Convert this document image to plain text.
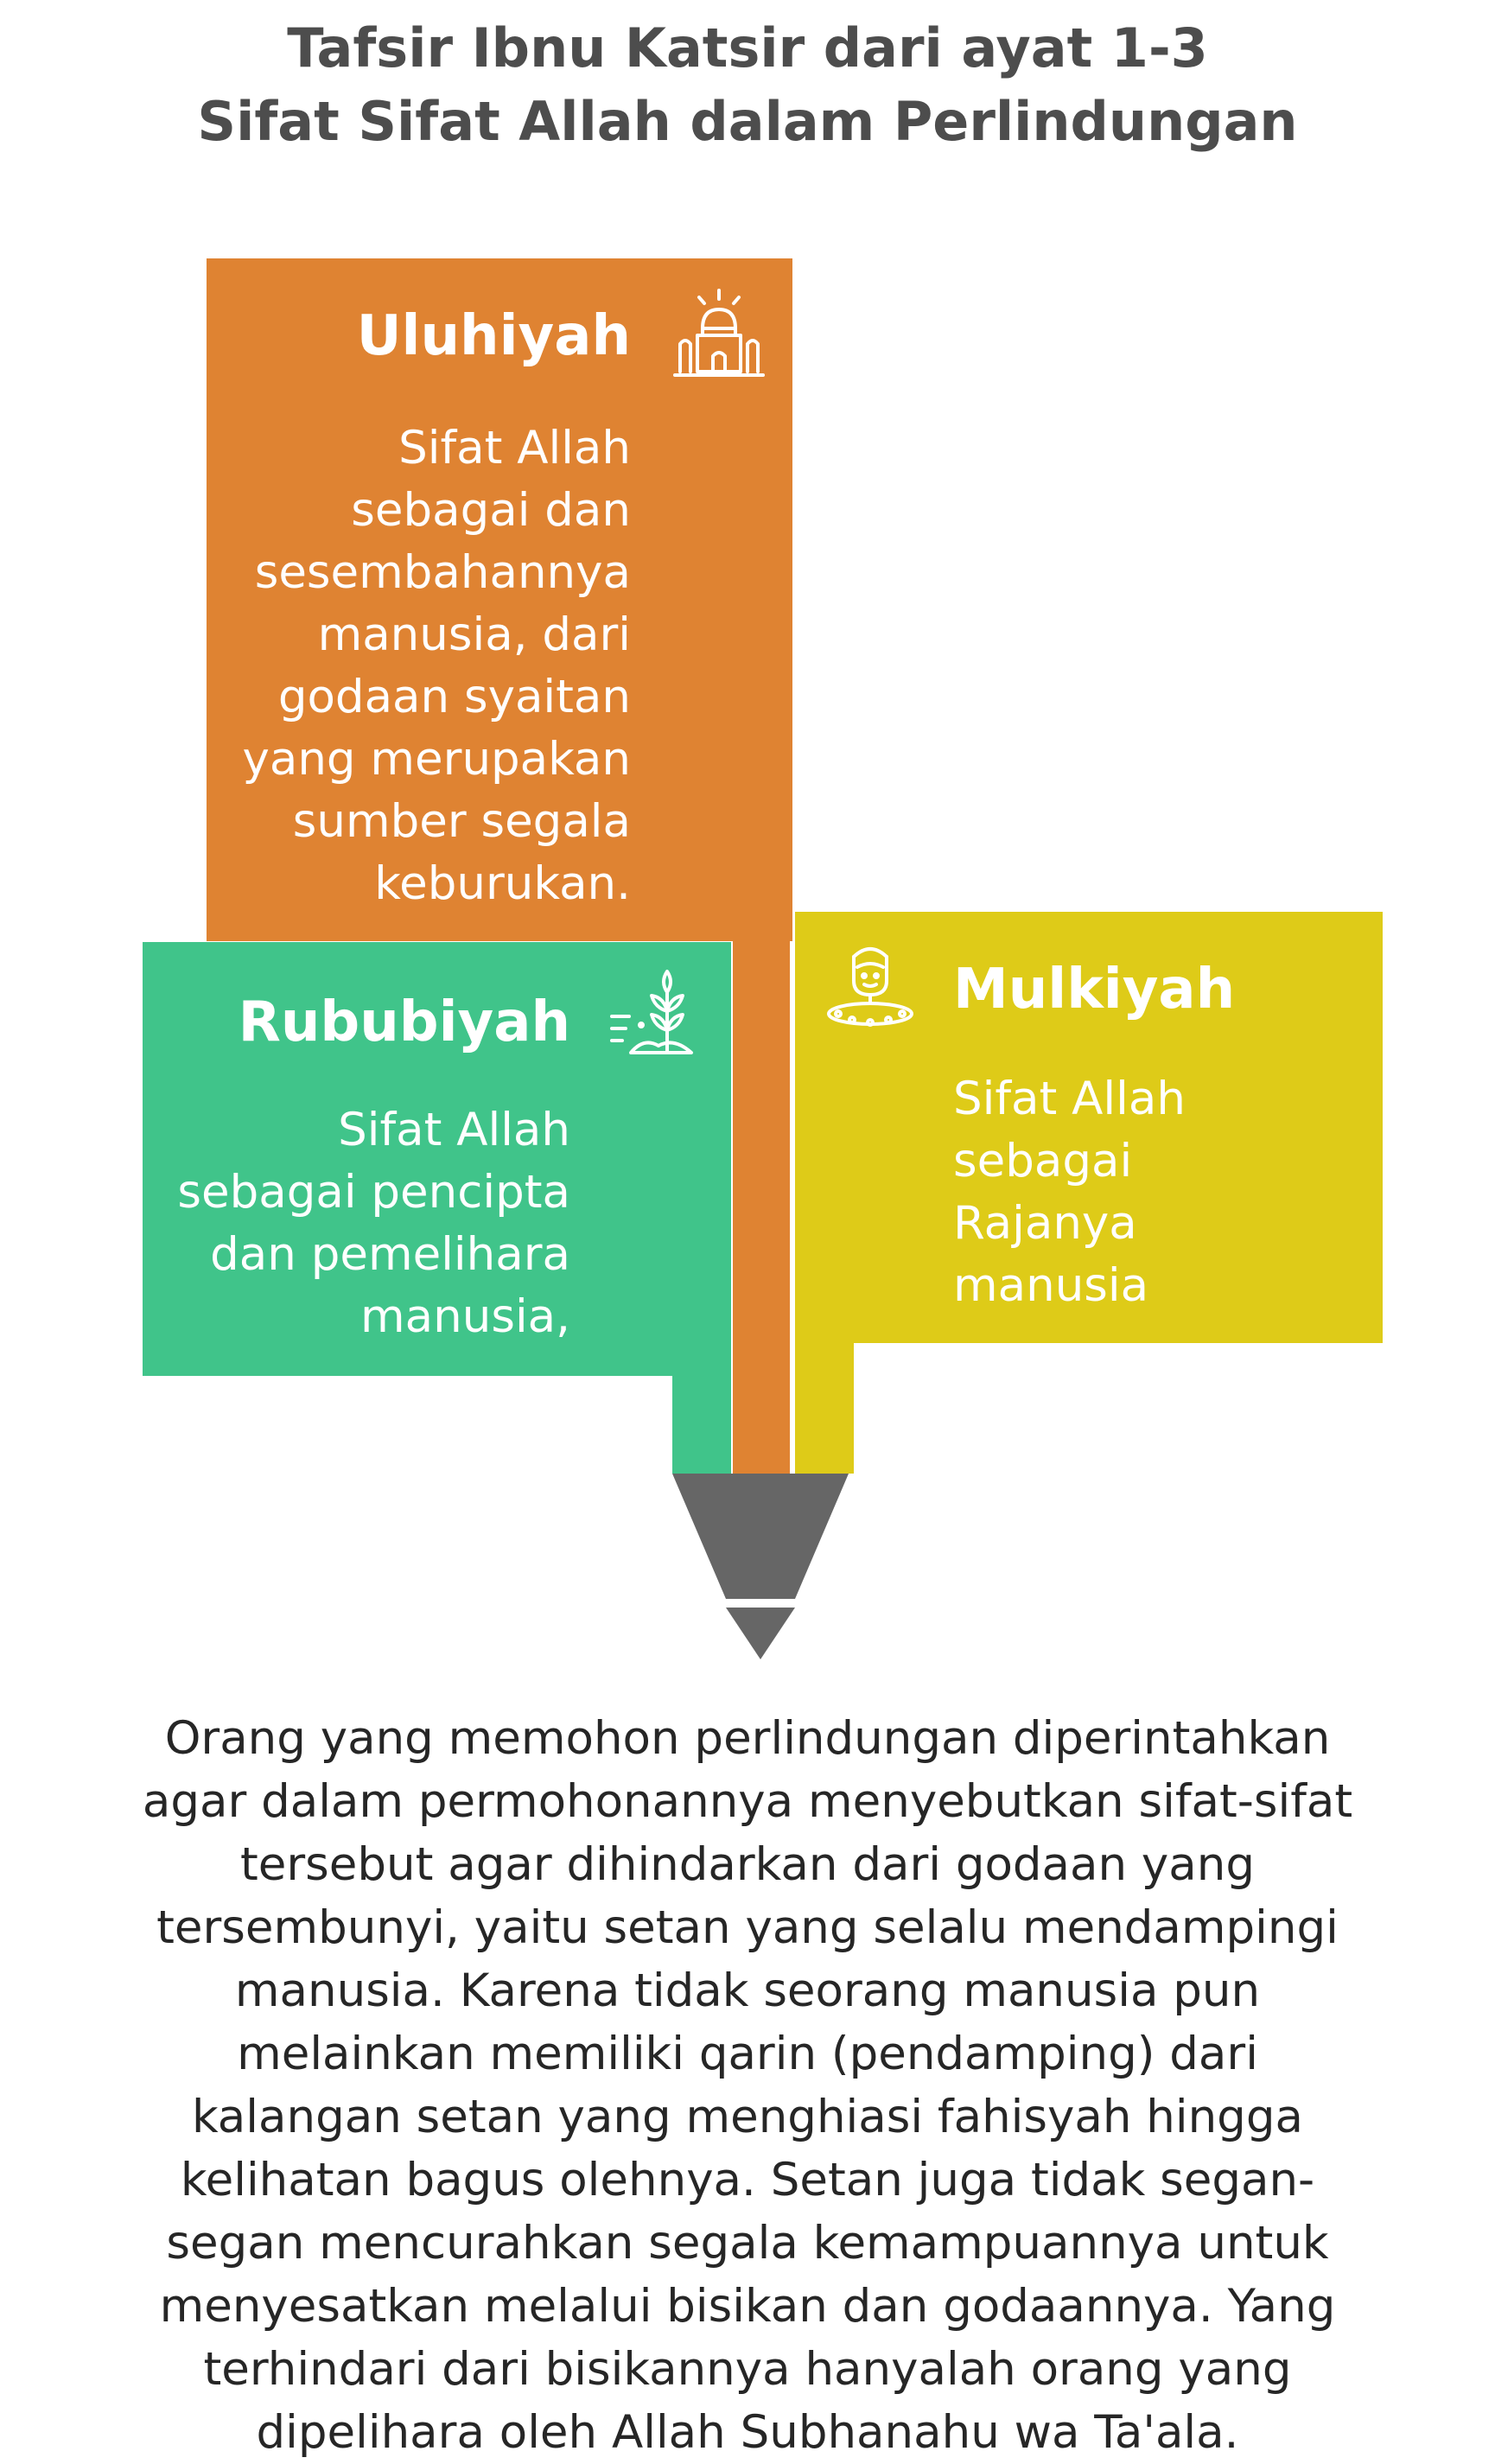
Tafsir Ibnu Katsir dari ayat 1-3
Sifat Sifat Allah dalam Perlindungan
Uluhiyah
Sifat Allah
sebagai dan
sesembahannya
manusia, dari
godaan syaitan
yang merupakan
sumber segala
keburukan.
Rububiyah
Sifat Allah
sebagai pencipta
dan pemelihara
manusia,
Mulkiyah
Sifat Allah
sebagai
Rajanya
manusia
Orang yang memohon perlindungan diperintahkan
agar dalam permohonannya menyebutkan sifat-sifat
tersebut agar dihindarkan dari godaan yang
tersembunyi, yaitu setan yang selalu mendampingi
manusia. Karena tidak seorang manusia pun
melainkan memiliki qarin (pendamping) dari
kalangan setan yang menghiasi fahisyah hingga
kelihatan bagus olehnya. Setan juga tidak segan-
segan mencurahkan segala kemampuannya untuk
menyesatkan melalui bisikan dan godaannya. Yang
terhindari dari bisikannya hanyalah orang yang
dipelihara oleh Allah Subhanahu wa Ta'ala.
